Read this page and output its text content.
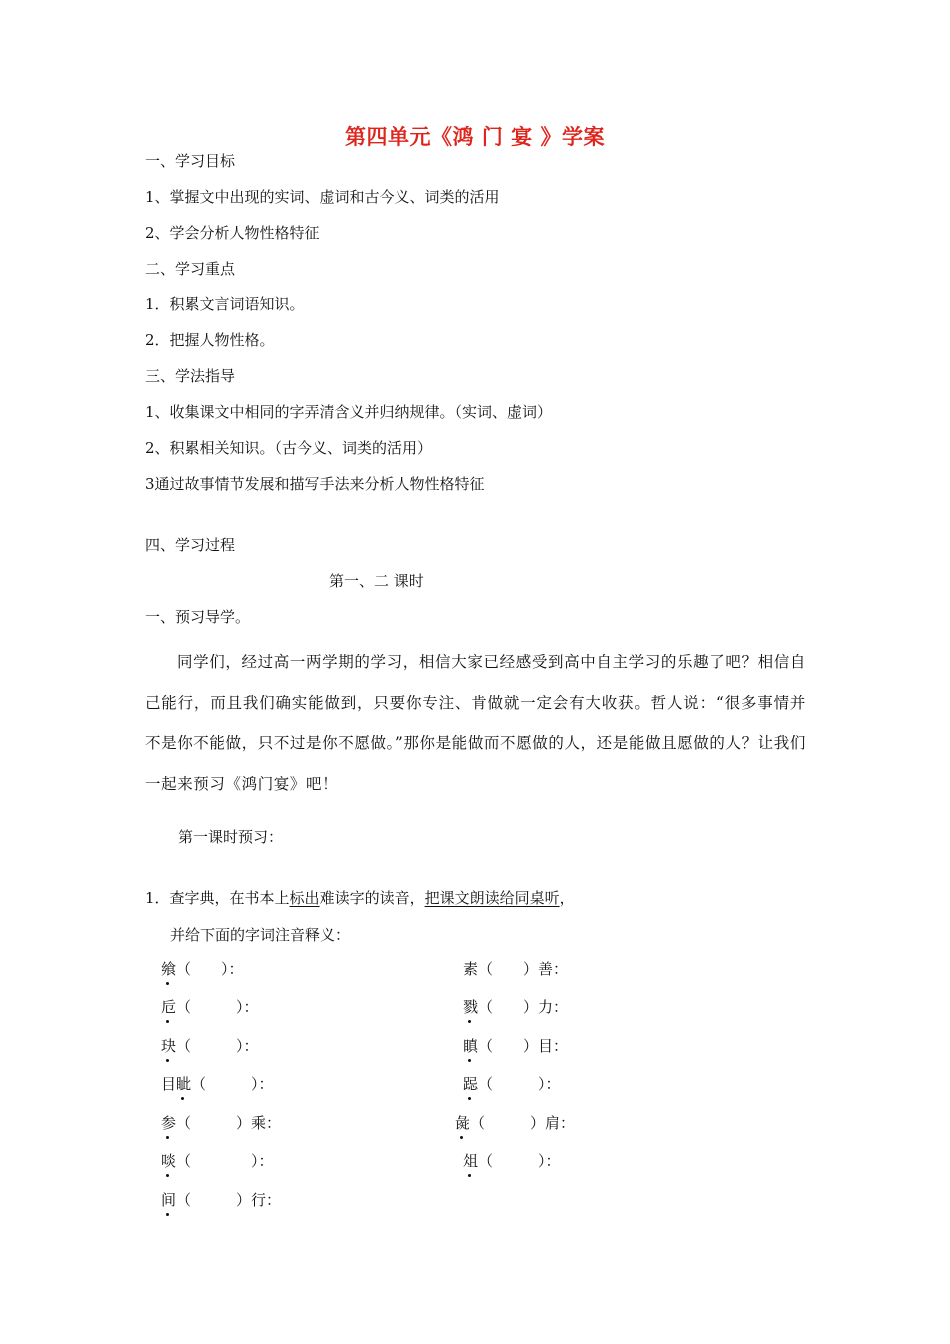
第四单元《鸿 门 宴 》学案
一、学习目标
1、掌握文中出现的实词、虚词和古今义、词类的活用
2、学会分析人物性格特征
二、学习重点
1．积累文言词语知识。
2．把握人物性格。
三、学法指导
1、收集课文中相同的字弄清含义并归纳规律。（实词、虚词）
2、积累相关知识。（古今义、词类的活用）
3通过故事情节发展和描写手法来分析人物性格特征
四、学习过程
第一、二 课时
一、预习导学。
同学们，经过高一两学期的学习，相信大家已经感受到高中自主学习的乐趣了吧？相信自己能行，而且我们确实能做到，只要你专注、肯做就一定会有大收获。哲人说：“很多事情并不是你不能做，只不过是你不愿做。”那你是能做而不愿做的人，还是能做且愿做的人？让我们一起来预习《鸿门宴》吧！
第一课时预习：
1．查字典，在书本上标出难读字的读音，把课文朗读给同桌听，
并给下面的字词注音释义：
飨
（　　）：
卮
（　　　）：
玦
（　　　）：
目眦
（　　　）：
参
（　　　）乘：
啖
（　　　　）：
间
（　　　）行：
素（　　）善：
戮
（　　）力：
瞋
（　　）目：
跽
（　　　）：
彘
（　　　）肩：
俎
（　　　）：
